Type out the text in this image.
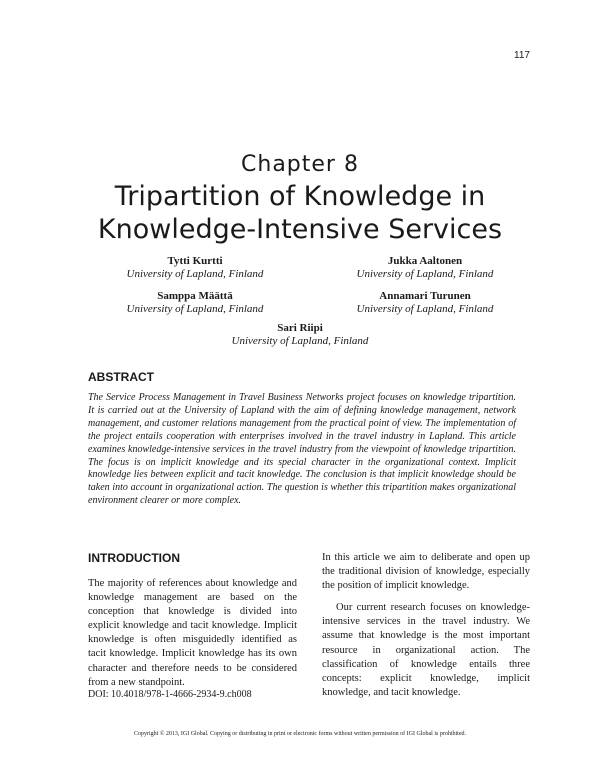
117
Chapter 8
Tripartition of Knowledge in
Knowledge-Intensive Services
Tytti Kurtti
University of Lapland, Finland
Jukka Aaltonen
University of Lapland, Finland
Samppa Määttä
University of Lapland, Finland
Annamari Turunen
University of Lapland, Finland
Sari Riipi
University of Lapland, Finland
ABSTRACT
The Service Process Management in Travel Business Networks project focuses on knowledge tripartition. It is carried out at the University of Lapland with the aim of defining knowledge management, network management, and customer relations management from the practical point of view. The implementation of the project entails cooperation with enterprises involved in the travel industry in Lapland. This article examines knowledge-intensive services in the travel industry from the viewpoint of knowledge tripartition. The focus is on implicit knowledge and its special character in the organizational context. Implicit knowledge lies between explicit and tacit knowledge. The conclusion is that implicit knowledge should be taken into account in organizational action. The question is whether this tripartition makes organizational environment clearer or more complex.
INTRODUCTION

The majority of references about knowledge and knowledge management are based on the conception that knowledge is divided into explicit knowledge and tacit knowledge. Implicit knowledge is often misguidedly identified as tacit knowledge. Implicit knowledge has its own character and therefore needs to be considered from a new standpoint.

In this article we aim to deliberate and open up the traditional division of knowledge, especially the position of implicit knowledge.

Our current research focuses on knowledge-intensive services in the travel industry. We assume that knowledge is the most important resource in organizational action. The classification of knowledge entails three concepts: explicit knowledge, implicit knowledge, and tacit knowledge.

DOI: 10.4018/978-1-4666-2934-9.ch008
Copyright © 2013, IGI Global. Copying or distributing in print or electronic forms without written permission of IGI Global is prohibited.
